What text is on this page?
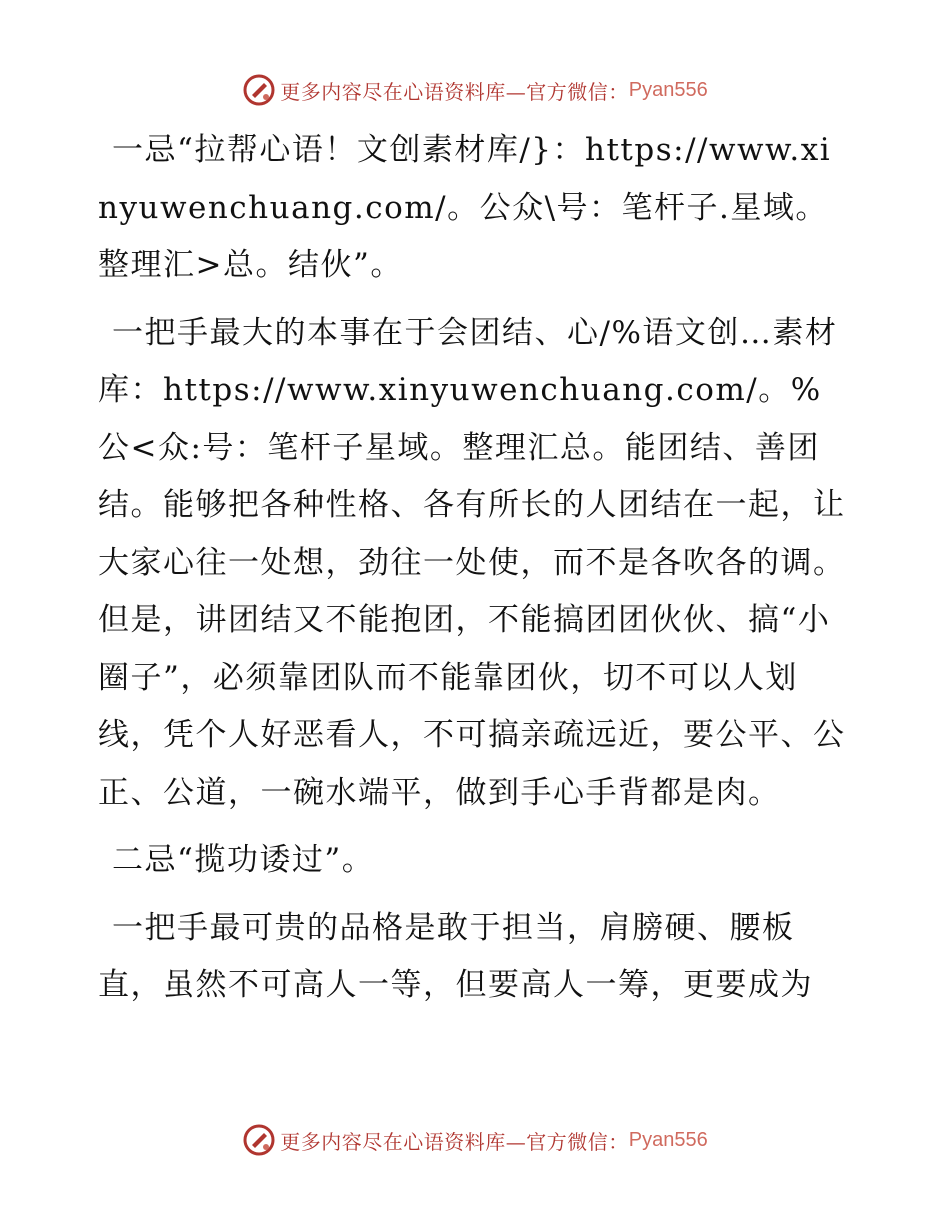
更多内容尽在心语资料库—官方微信： Pyan556

一忌“拉帮心语！文创素材库/}：https://www.xinyuwenchuang.com/。公众\号：笔杆子.星域。整理汇>总。结伙”。

一把手最大的本事在于会团结、心/%语文创…素材库：https://www.xinyuwenchuang.com/。%公<众:号：笔杆子星域。整理汇总。能团结、善团结。能够把各种性格、各有所长的人团结在一起，让大家心往一处想，劲往一处使，而不是各吹各的调。但是，讲团结又不能抱团，不能搞团团伙伙、搞“小圈子”，必须靠团队而不能靠团伙，切不可以人划线，凭个人好恶看人，不可搞亲疏远近，要公平、公正、公道，一碗水端平，做到手心手背都是肉。

二忌“揽功诿过”。

一把手最可贵的品格是敢于担当，肩膀硬、腰板直，虽然不可高人一等，但要高人一筹，更要成为

更多内容尽在心语资料库—官方微信： Pyan556
